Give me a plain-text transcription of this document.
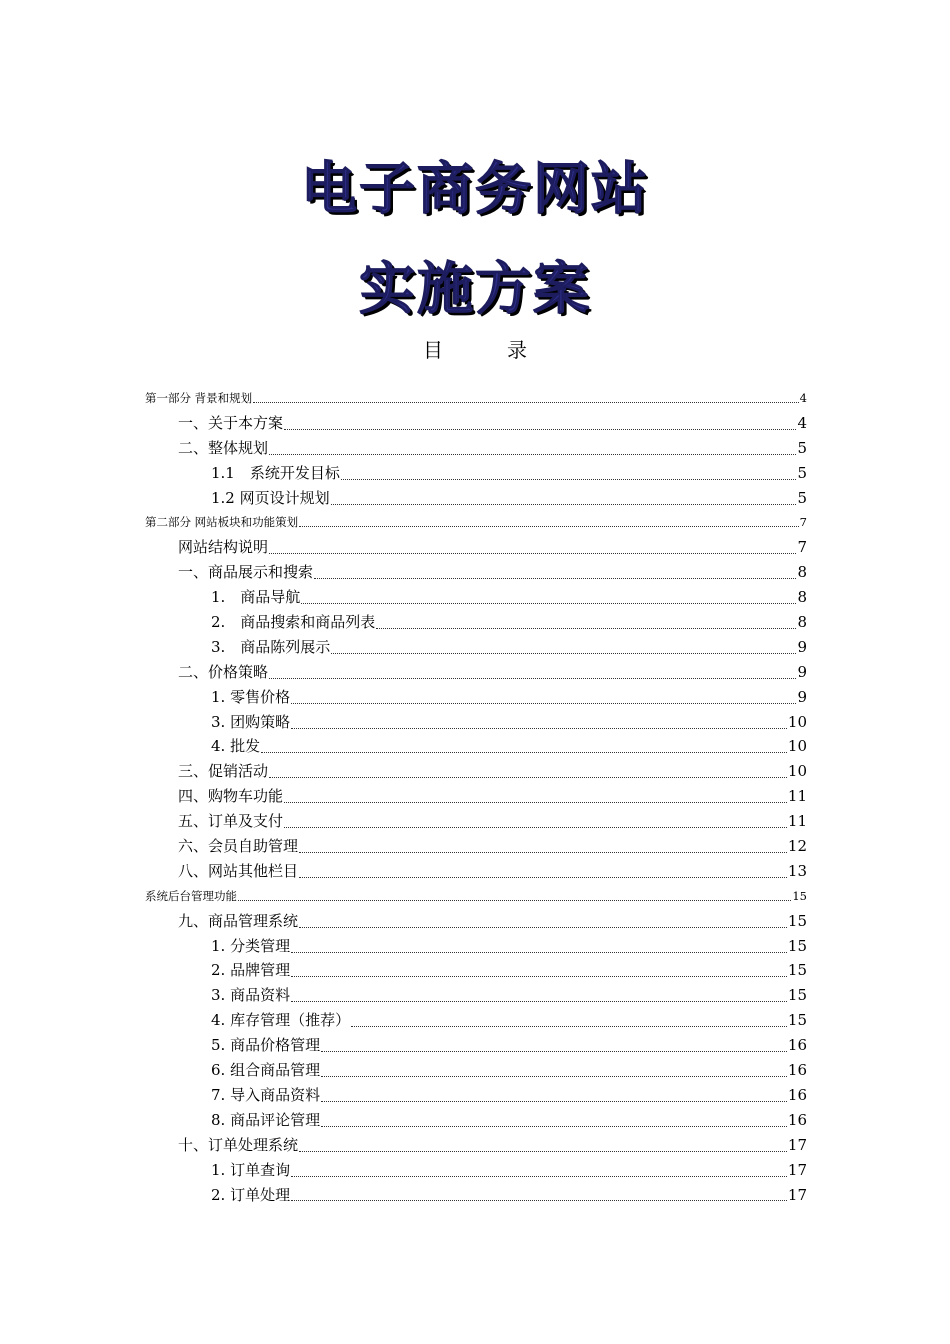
电子商务网站
实施方案
目　录
第一部分 背景和规划	4
一、关于本方案	4
二、整体规划	5
1.1　系统开发目标	5
1.2 网页设计规划	5
第二部分 网站板块和功能策划	7
网站结构说明	7
一、商品展示和搜索	8
1.　商品导航	8
2.　商品搜索和商品列表	8
3.　商品陈列展示	9
二、价格策略	9
1. 零售价格	9
3. 团购策略	10
4. 批发	10
三、促销活动	10
四、购物车功能	11
五、订单及支付	11
六、会员自助管理	12
八、网站其他栏目	13
系统后台管理功能	15
九、商品管理系统	15
1. 分类管理	15
2. 品牌管理	15
3. 商品资料	15
4. 库存管理（推荐）	15
5. 商品价格管理	16
6. 组合商品管理	16
7. 导入商品资料	16
8. 商品评论管理	16
十、订单处理系统	17
1. 订单查询	17
2. 订单处理	17
